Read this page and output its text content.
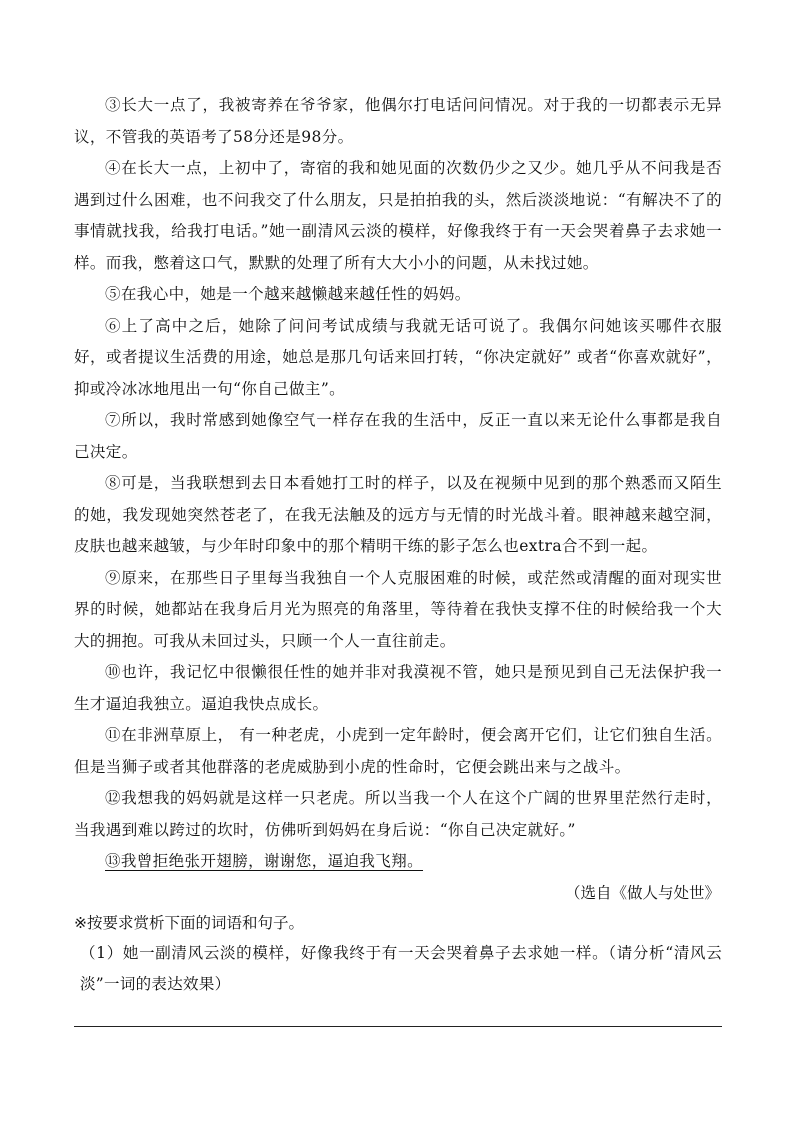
③长大一点了，我被寄养在爷爷家，他偶尔打电话问问情况。对于我的一切都表示无异议，不管我的英语考了58分还是98分。

④在长大一点，上初中了，寄宿的我和她见面的次数仍少之又少。她几乎从不问我是否遇到过什么困难，也不问我交了什么朋友，只是拍拍我的头，然后淡淡地说：“有解决不了的事情就找我，给我打电话。”她一副清风云淡的模样，好像我终于有一天会哭着鼻子去求她一样。而我，憋着这口气，默默的处理了所有大大小小的问题，从未找过她。

⑤在我心中，她是一个越来越懒越来越任性的妈妈。

⑥上了高中之后，她除了问问考试成绩与我就无话可说了。我偶尔问她该买哪件衣服好，或者提议生活费的用途，她总是那几句话来回打转，“你决定就好” 或者“你喜欢就好”，抑或冷冰冰地甩出一句“你自己做主”。

⑦所以，我时常感到她像空气一样存在我的生活中，反正一直以来无论什么事都是我自己决定。

⑧可是，当我联想到去日本看她打工时的样子，以及在视频中见到的那个熟悉而又陌生的她，我发现她突然苍老了，在我无法触及的远方与无情的时光战斗着。眼神越来越空洞，皮肤也越来越皱，与少年时印象中的那个精明干练的影子怎么也extra合不到一起。

⑨原来，在那些日子里每当我独自一个人克服困难的时候，或茫然或清醒的面对现实世界的时候，她都站在我身后月光为照亮的角落里，等待着在我快支撑不住的时候给我一个大大的拥抱。可我从未回过头，只顾一个人一直往前走。

⑩也许，我记忆中很懒很任性的她并非对我漠视不管，她只是预见到自己无法保护我一生才逼迫我独立。逼迫我快点成长。

⑪在非洲草原上， 有一种老虎，小虎到一定年龄时，便会离开它们，让它们独自生活。但是当狮子或者其他群落的老虎威胁到小虎的性命时，它便会跳出来与之战斗。

⑫我想我的妈妈就是这样一只老虎。所以当我一个人在这个广阔的世界里茫然行走时，当我遇到难以跨过的坎时，仿佛听到妈妈在身后说：“你自己决定就好。”

⑬我曾拒绝张开翅膀，谢谢您，逼迫我飞翔。

（选自《做人与处世》

※按要求赏析下面的词语和句子。

（1）她一副清风云淡的模样，好像我终于有一天会哭着鼻子去求她一样。（请分析“清风云淡”一词的表达效果）
